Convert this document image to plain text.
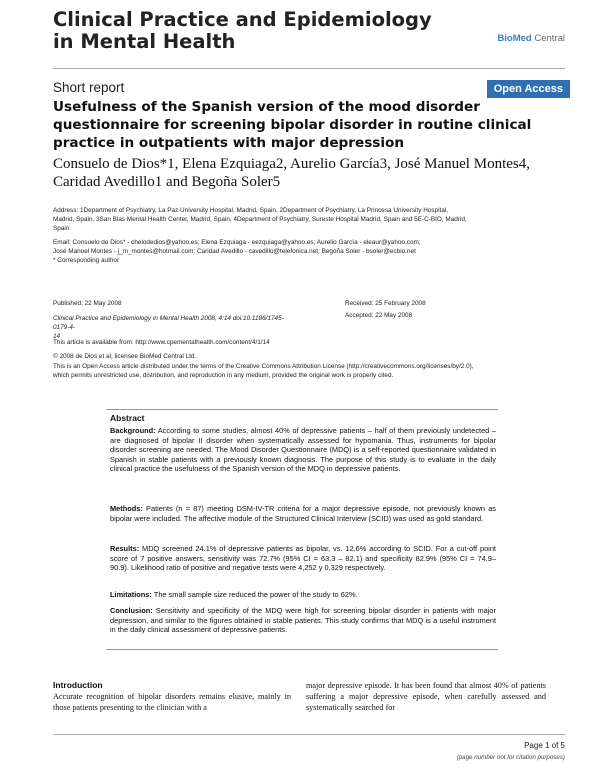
Clinical Practice and Epidemiology
in Mental Health	BioMed Central
Short report	Open Access
Usefulness of the Spanish version of the mood disorder questionnaire for screening bipolar disorder in routine clinical practice in outpatients with major depression
Consuelo de Dios*1, Elena Ezquiaga2, Aurelio García3, José Manuel Montes4,
Caridad Avedillo1 and Begoña Soler5
Address: 1Department of Psychiatry, La Paz University Hospital, Madrid, Spain, 2Department of Psychiatry, La Princesa University Hospital,
Madrid, Spain, 3San Blas Mental Health Center, Madrid, Spain, 4Department of Psychiatry, Sureste Hospital Madrid, Spain and 5E-C-BIO, Madrid,
Spain
Email: Consuelo de Dios* - chelodedios@yahoo.es; Elena Ezquiaga - eezquiaga@yahoo.es; Aurelio García - eleaur@yahoo.com;
José Manuel Montes - j_m_montes@hotmail.com; Caridad Avedillo - cavedillo@telefonica.net; Begoña Soler - bsoler@ecbio.net
* Corresponding author
Published: 22 May 2008	Received: 25 February 2008
Accepted: 22 May 2008
Clinical Practice and Epidemiology in Mental Health 2008, 4:14 doi:10.1186/1745-0179-4-
14
This article is available from: http://www.cpementalhealth.com/content/4/1/14
© 2008 de Dios et al; licensee BioMed Central Ltd.
This is an Open Access article distributed under the terms of the Creative Commons Attribution License (http://creativecommons.org/licenses/by/2.0),
which permits unrestricted use, distribution, and reproduction in any medium, provided the original work is properly cited.
Abstract
Background: According to some studies, almost 40% of depressive patients – half of them previously undetected – are diagnosed of bipolar II disorder when systematically assessed for hypomania. Thus, instruments for bipolar disorder screening are needed. The Mood Disorder Questionnaire (MDQ) is a self-reported questionnaire validated in Spanish in stable patients with a previously known diagnosis. The purpose of this study is to evaluate in the daily clinical practice the usefulness of the Spanish version of the MDQ in depressive patients.
Methods: Patients (n = 87) meeting DSM-IV-TR criteria for a major depressive episode, not previously known as bipolar were included. The affective module of the Structured Clinical Interview (SCID) was used as gold standard.
Results: MDQ screened 24.1% of depressive patients as bipolar, vs. 12.6% according to SCID. For a cut-off point score of 7 positive answers, sensitivity was 72.7% (95% CI = 63.3 – 82.1) and specificity 82.9% (95% CI = 74.9–90.9). Likelihood ratio of positive and negative tests were 4,252 y 0,329 respectively.
Limitations: The small sample size reduced the power of the study to 62%.
Conclusion: Sensitivity and specificity of the MDQ were high for screening bipolar disorder in patients with major depression, and similar to the figures obtained in stable patients. This study confirms that MDQ is a useful instrument in the daily clinical assessment of depressive patients.
Introduction
Accurate recognition of bipolar disorders remains elusive, mainly in those patients presenting to the clinician with a
major depressive episode. It has been found that almost 40% of patients suffering a major depressive episode, when carefully assessed and systematically searched for
Page 1 of 5
(page number not for citation purposes)
